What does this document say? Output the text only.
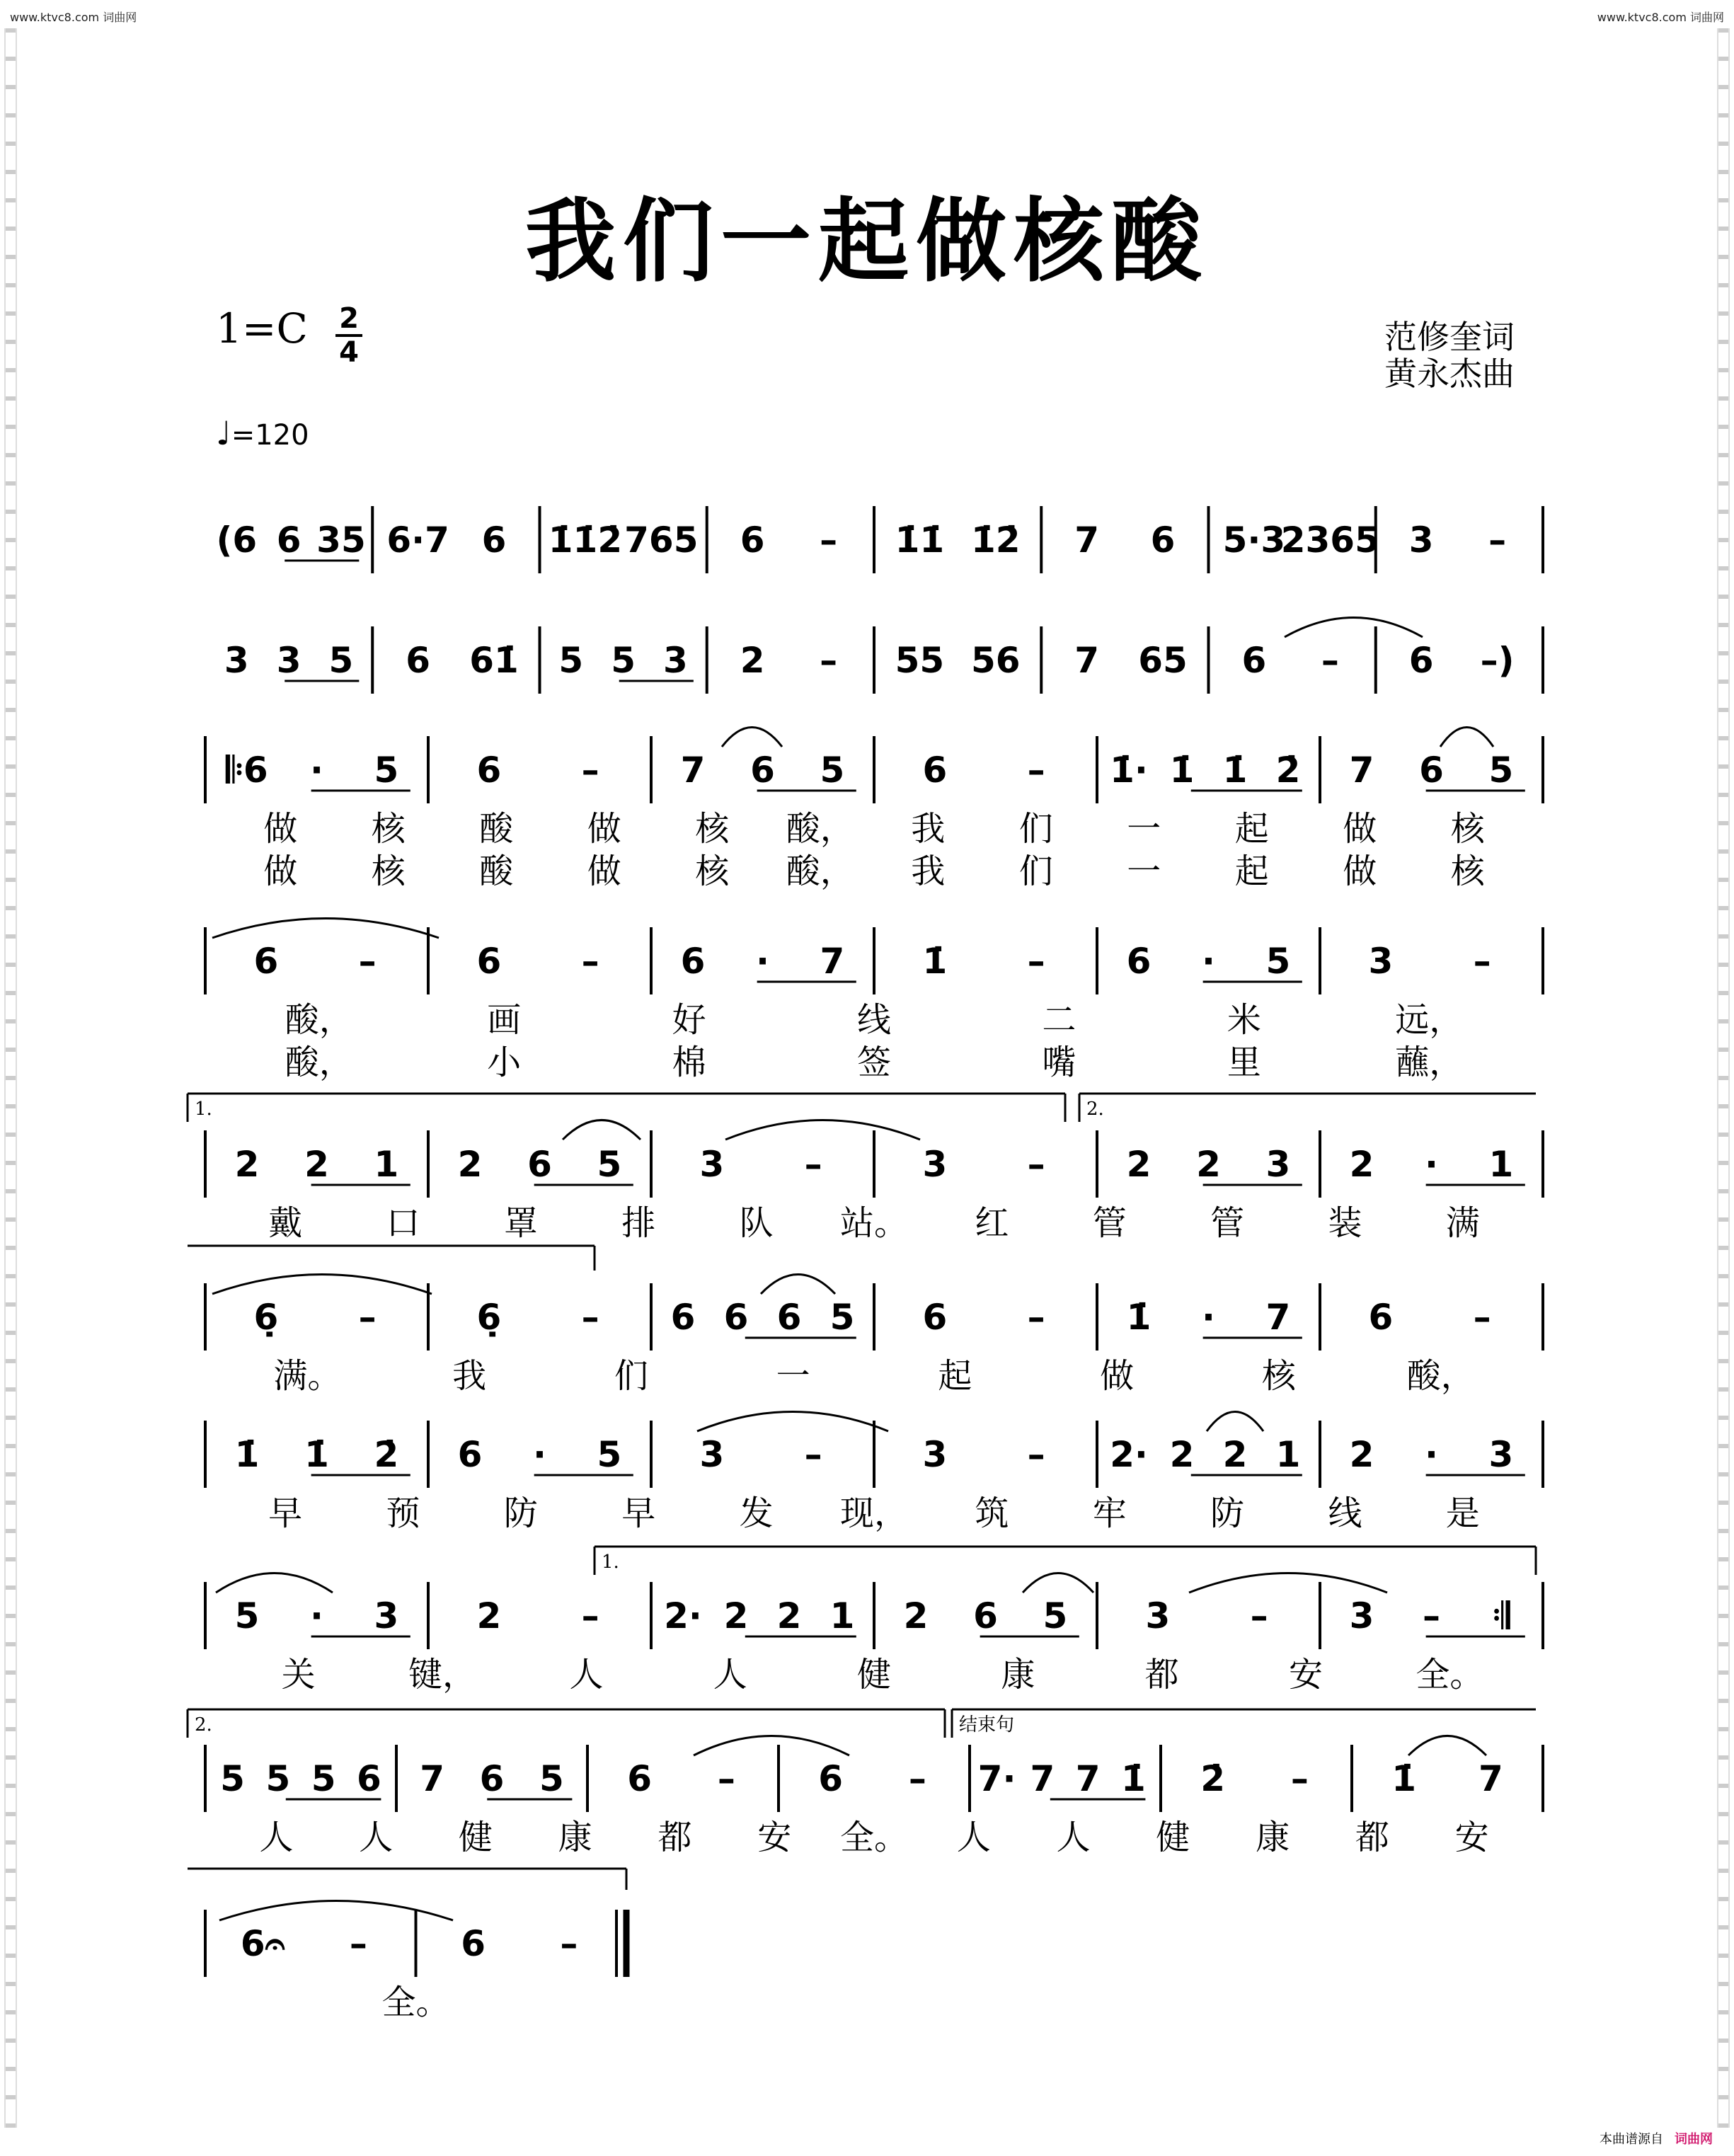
www.ktvc8.com 词曲网	www.ktvc8.com 词曲网
我们一起做核酸
1=C 2
4	范修奎词
黄永杰曲
♩=120
(6 6 35 6·7 6 1̇1̇2̇ 765 6 – 1̇1̇ 1̇2̇ 7 6 5·3
2365 3 –
3 3 5 6 61̇ 5 5 3 2 – 55 56 7 65 6 – 6 –)
𝄆6 · 5 6 – 7 6 5 6 – 1̇· 1̇ 1̇ 2̇ 7 6 5
做 核 酸 做 核 酸， 我 们 一 起 做 核
做 核 酸 做 核 酸， 我 们 一 起 做 核
6 –	6 – 6 · 7 1̇ – 6 · 5 3 –
酸，	画	好	线	二	米	远，
酸，	小	棉	签	嘴	里	蘸，
2 2 1 2 6 5 3 –	3 – 2 2 3 2 · 1
戴 口 罩 排 队 站。 红 管 管 装 满
6̣ –	6̣ – 6 6 6 5 6 – 1̇ · 7 6 –
满。	我	们	一	起	做	核	酸，
1̇ 1̇ 2̇ 6 · 5 3 –	3 – 2· 2 2 1 2 · 3
早 预 防 早 发 现， 筑 牢 防 线 是
5 · 3 2 – 2· 2 2 1 2 6 5 3 – 3 – 𝄇
关	键，	人	人	健	康	都	安	全。
5 5 5 6 7 6 5 6 – 6 – 7· 7 7 1̇ 2̇ – 1̇ 7
人 人 健 康 都 安 全。 人 人 健 康 都 安
6𝄐 –	6 –
全。
1.	2.
1.
2.	结束句
本曲谱源自 词曲网
